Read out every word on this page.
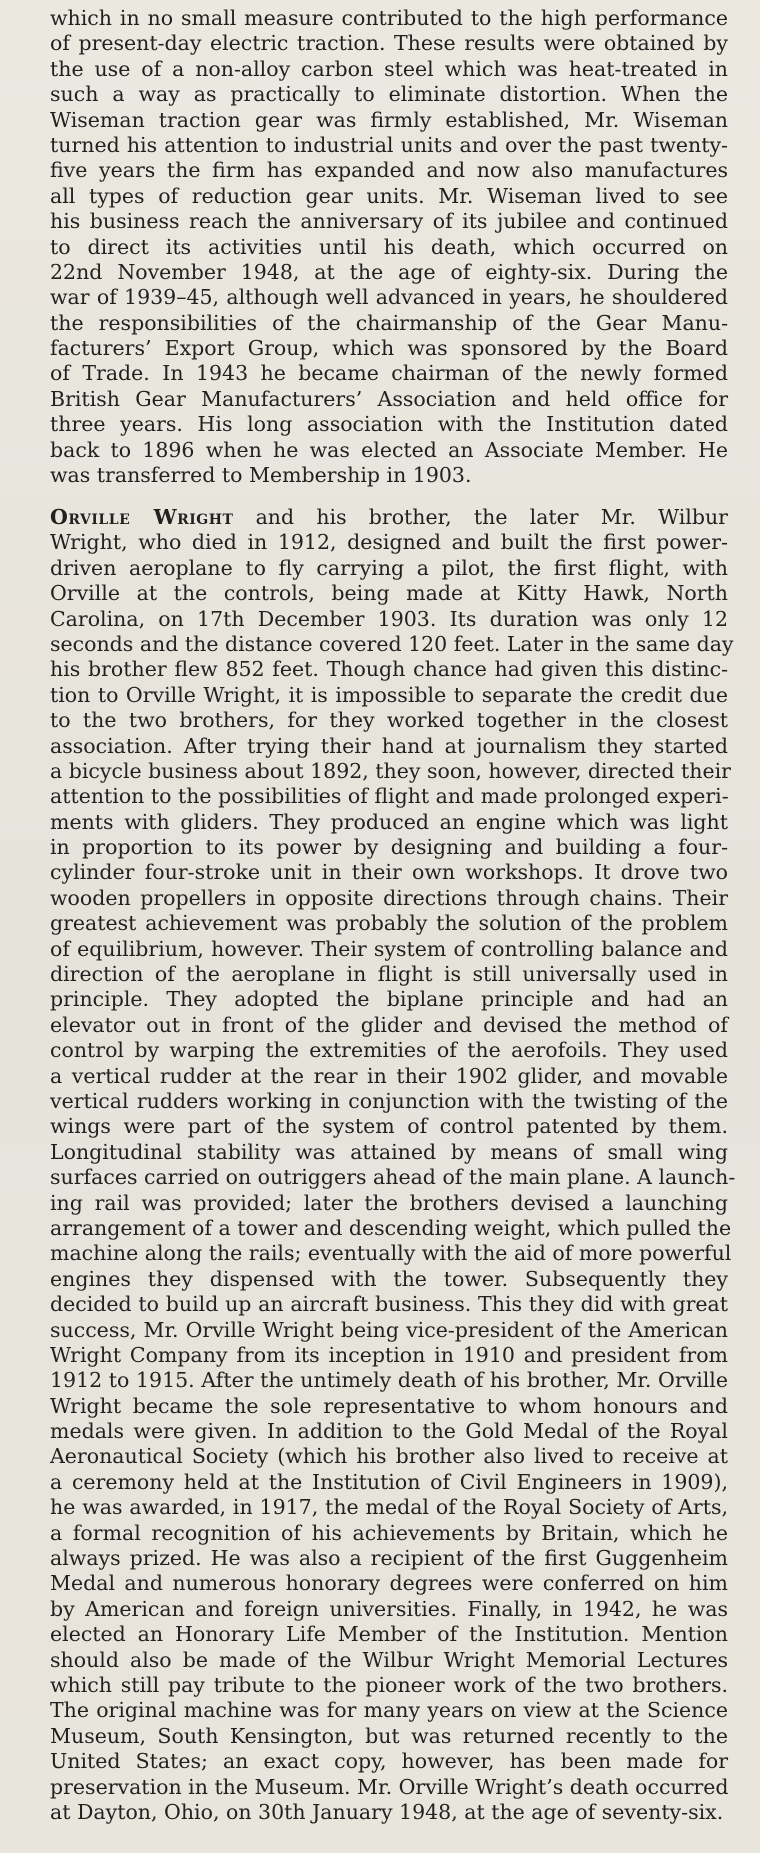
which in no small measure contributed to the high performance
of present-day electric traction. These results were obtained by
the use of a non-alloy carbon steel which was heat-treated in
such a way as practically to eliminate distortion. When the
Wiseman traction gear was firmly established, Mr. Wiseman
turned his attention to industrial units and over the past twenty-
five years the firm has expanded and now also manufactures
all types of reduction gear units. Mr. Wiseman lived to see
his business reach the anniversary of its jubilee and continued
to direct its activities until his death, which occurred on
22nd November 1948, at the age of eighty-six. During the
war of 1939–45, although well advanced in years, he shouldered
the responsibilities of the chairmanship of the Gear Manu-
facturers’ Export Group, which was sponsored by the Board
of Trade. In 1943 he became chairman of the newly formed
British Gear Manufacturers’ Association and held office for
three years. His long association with the Institution dated
back to 1896 when he was elected an Associate Member. He
was transferred to Membership in 1903.
Orville Wright and his brother, the later Mr. Wilbur
Wright, who died in 1912, designed and built the first power-
driven aeroplane to fly carrying a pilot, the first flight, with
Orville at the controls, being made at Kitty Hawk, North
Carolina, on 17th December 1903. Its duration was only 12
seconds and the distance covered 120 feet. Later in the same day
his brother flew 852 feet. Though chance had given this distinc-
tion to Orville Wright, it is impossible to separate the credit due
to the two brothers, for they worked together in the closest
association. After trying their hand at journalism they started
a bicycle business about 1892, they soon, however, directed their
attention to the possibilities of flight and made prolonged experi-
ments with gliders. They produced an engine which was light
in proportion to its power by designing and building a four-
cylinder four-stroke unit in their own workshops. It drove two
wooden propellers in opposite directions through chains. Their
greatest achievement was probably the solution of the problem
of equilibrium, however. Their system of controlling balance and
direction of the aeroplane in flight is still universally used in
principle. They adopted the biplane principle and had an
elevator out in front of the glider and devised the method of
control by warping the extremities of the aerofoils. They used
a vertical rudder at the rear in their 1902 glider, and movable
vertical rudders working in conjunction with the twisting of the
wings were part of the system of control patented by them.
Longitudinal stability was attained by means of small wing
surfaces carried on outriggers ahead of the main plane. A launch-
ing rail was provided; later the brothers devised a launching
arrangement of a tower and descending weight, which pulled the
machine along the rails; eventually with the aid of more powerful
engines they dispensed with the tower. Subsequently they
decided to build up an aircraft business. This they did with great
success, Mr. Orville Wright being vice-president of the American
Wright Company from its inception in 1910 and president from
1912 to 1915. After the untimely death of his brother, Mr. Orville
Wright became the sole representative to whom honours and
medals were given. In addition to the Gold Medal of the Royal
Aeronautical Society (which his brother also lived to receive at
a ceremony held at the Institution of Civil Engineers in 1909),
he was awarded, in 1917, the medal of the Royal Society of Arts,
a formal recognition of his achievements by Britain, which he
always prized. He was also a recipient of the first Guggenheim
Medal and numerous honorary degrees were conferred on him
by American and foreign universities. Finally, in 1942, he was
elected an Honorary Life Member of the Institution. Mention
should also be made of the Wilbur Wright Memorial Lectures
which still pay tribute to the pioneer work of the two brothers.
The original machine was for many years on view at the Science
Museum, South Kensington, but was returned recently to the
United States; an exact copy, however, has been made for
preservation in the Museum. Mr. Orville Wright’s death occurred
at Dayton, Ohio, on 30th January 1948, at the age of seventy-six.
